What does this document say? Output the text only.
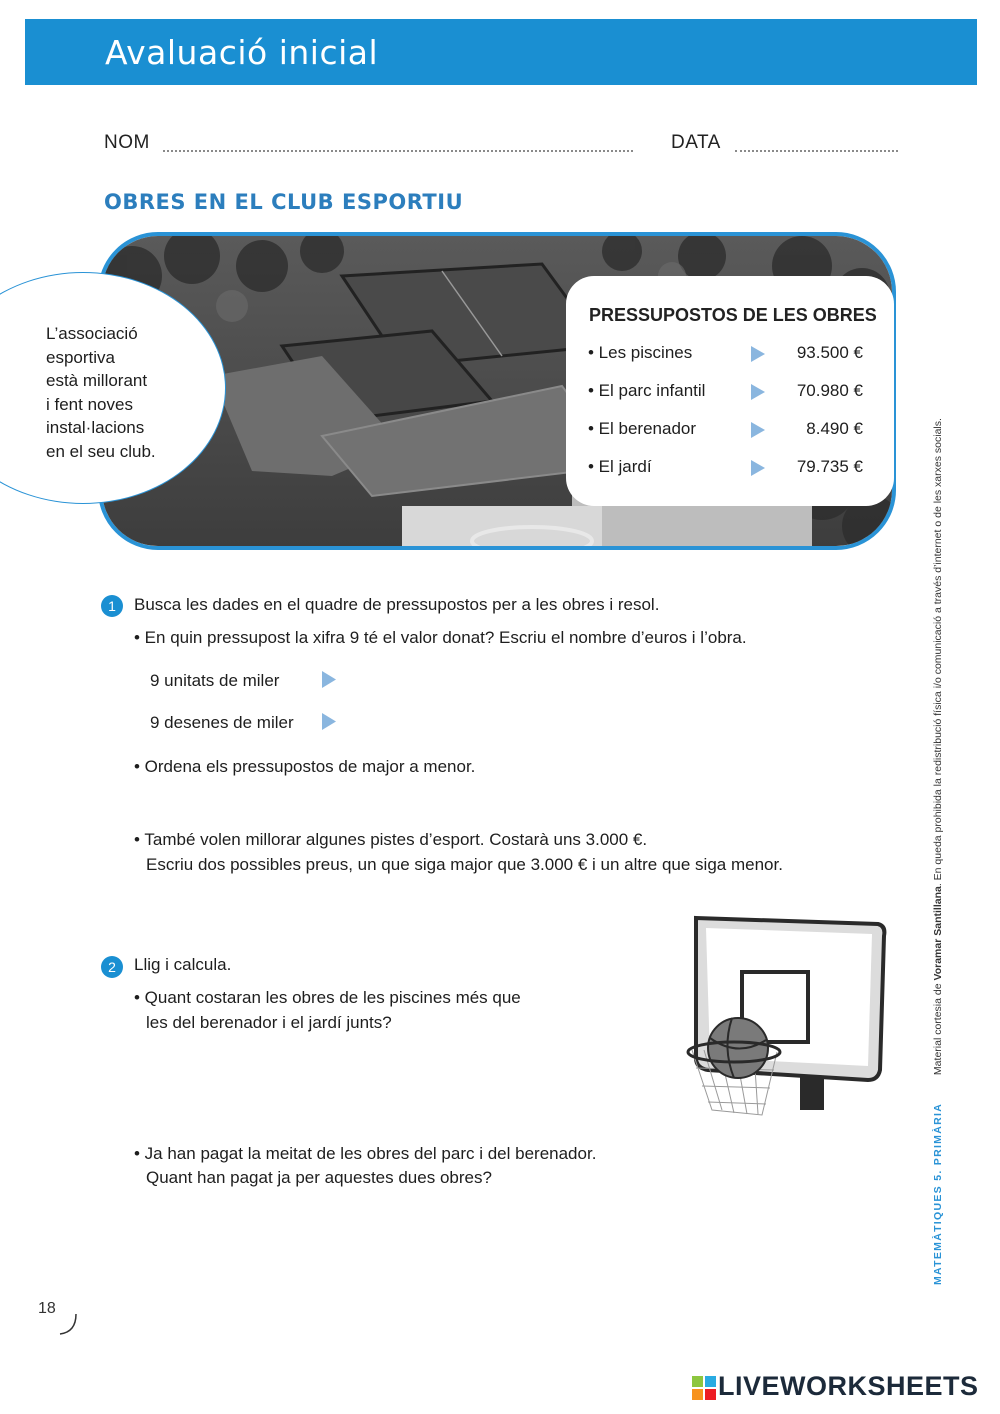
Avaluació inicial
NOM	DATA
OBRES EN EL CLUB ESPORTIU
L’associació
esportiva
està millorant
i fent noves
instal·lacions
en el seu club.
PRESSUPOSTOS DE LES OBRES
• Les piscines	93.500 €
• El parc infantil	70.980 €
• El berenador	8.490 €
• El jardí	79.735 €
1	Busca les dades en el quadre de pressupostos per a les obres i resol.
• En quin pressupost la xifra 9 té el valor donat? Escriu el nombre d’euros i l’obra.
9 unitats de miler
9 desenes de miler
• Ordena els pressupostos de major a menor.
• També volen millorar algunes pistes d’esport. Costarà uns 3.000 €.
Escriu dos possibles preus, un que siga major que 3.000 € i un altre que siga menor.
2	Llig i calcula.
• Quant costaran les obres de les piscines més que
les del berenador i el jardí junts?
• Ja han pagat la meitat de les obres del parc i del berenador.
Quant han pagat ja per aquestes dues obres?	MATEMÀTIQUES 5. PRIMÀRIA  Material cortesia de Voramar Santillana. En queda prohibida la redistribució física i/o comunicació a través d’internet o de les xarxes socials.
18
LIVEWORKSHEETS
